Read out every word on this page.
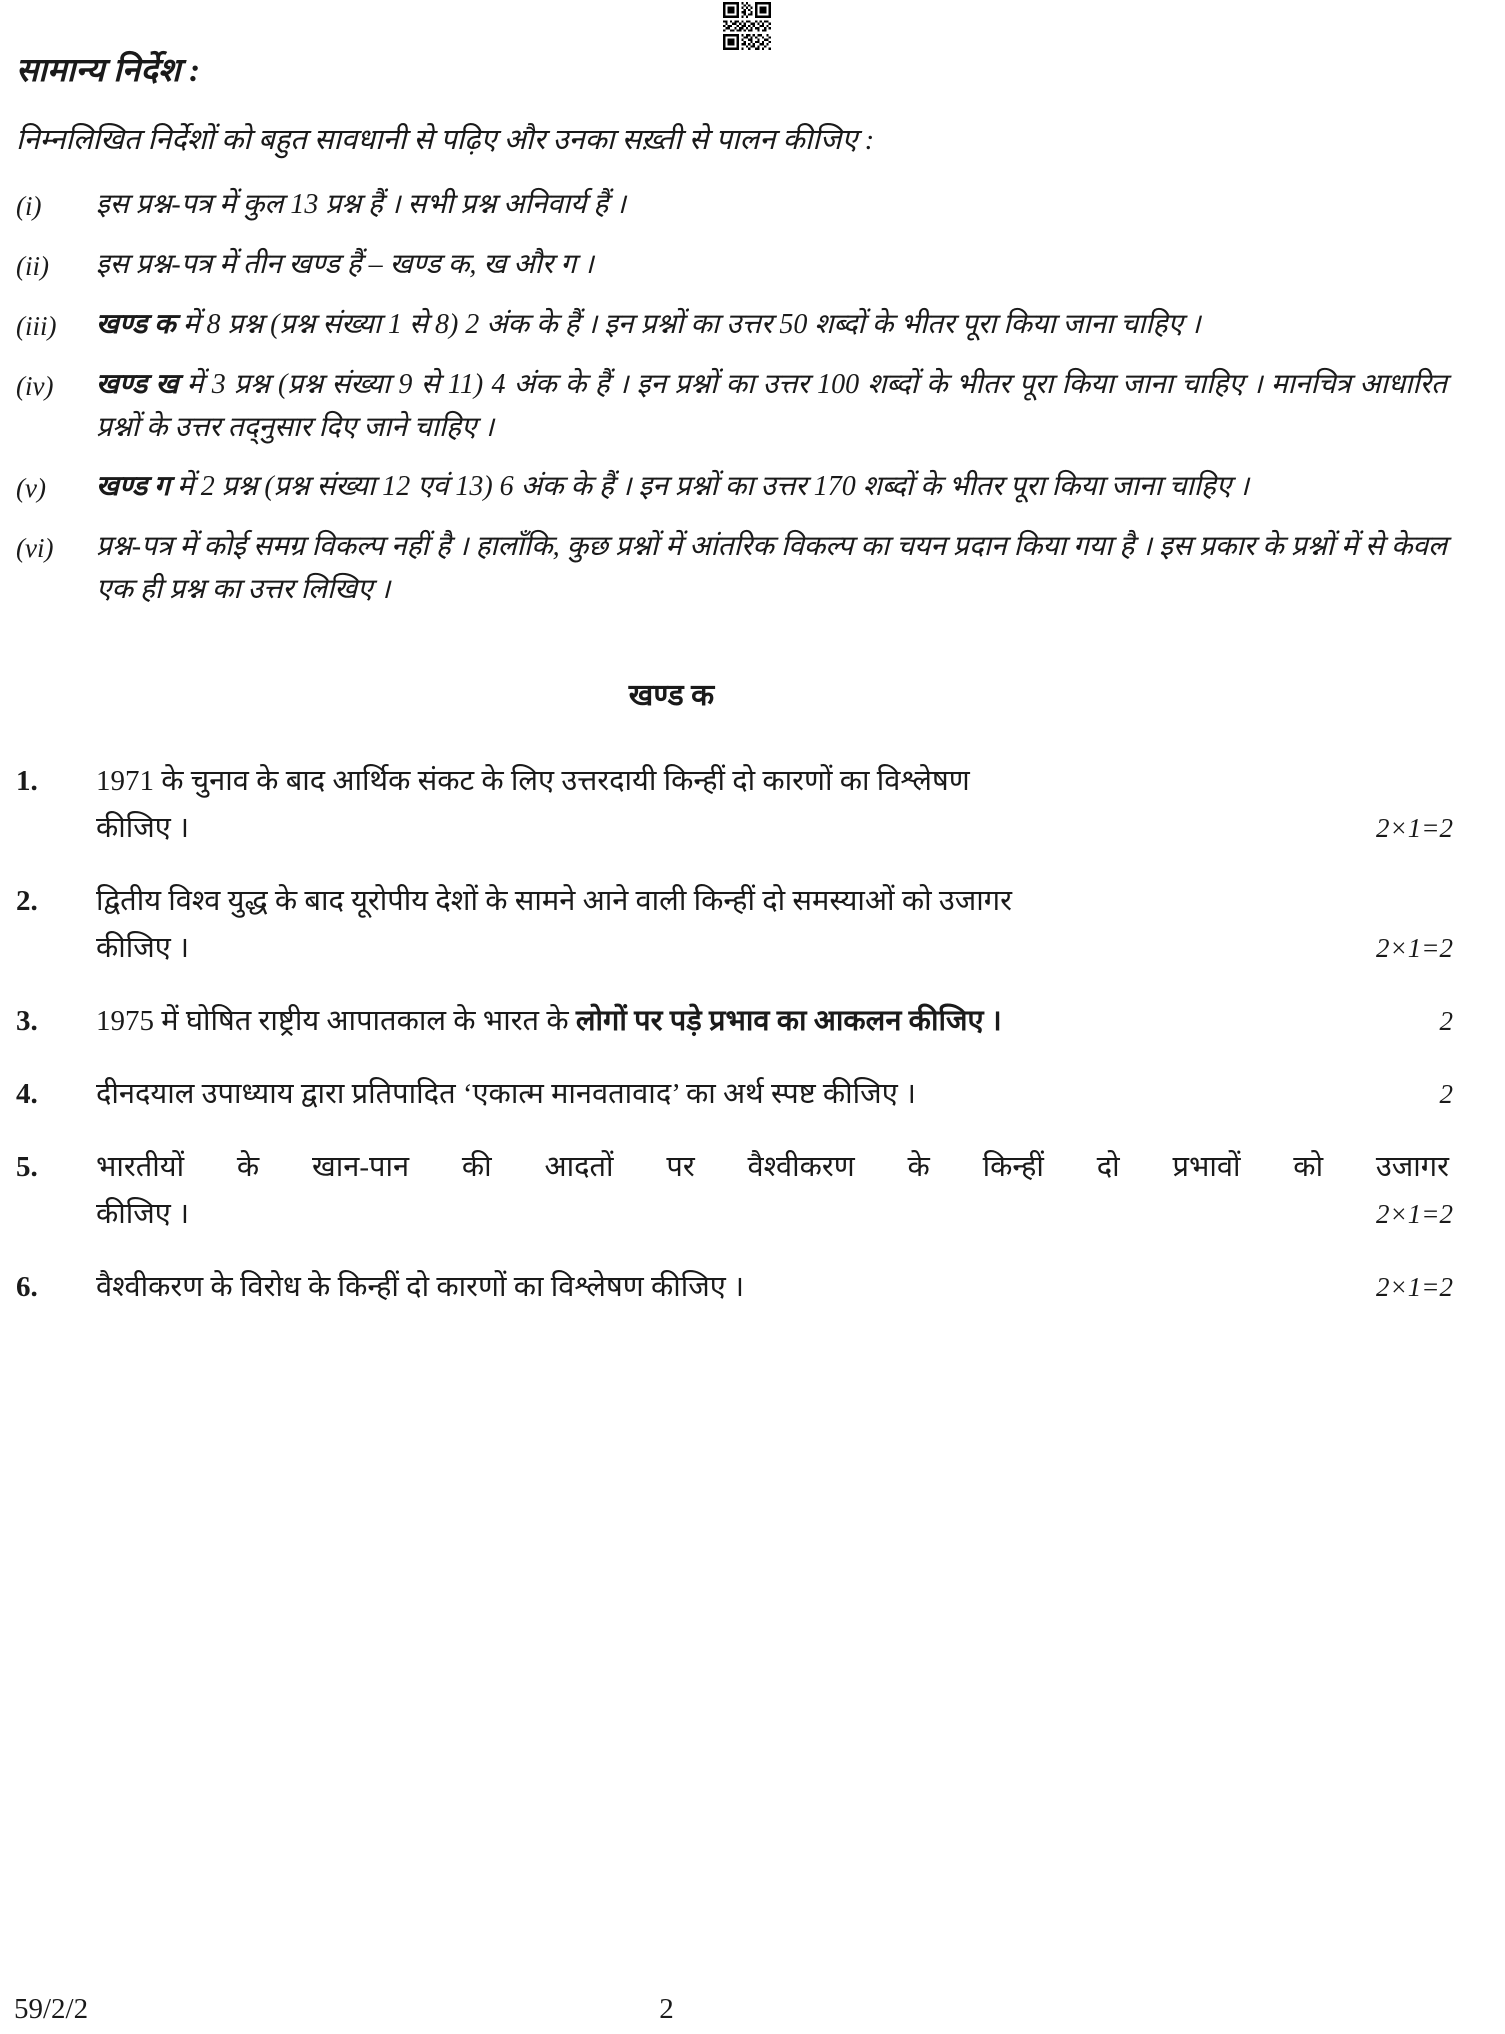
सामान्य निर्देश :
निम्नलिखित निर्देशों को बहुत सावधानी से पढ़िए और उनका सख़्ती से पालन कीजिए :
(i)	इस प्रश्न-पत्र में कुल 13 प्रश्न हैं । सभी प्रश्न अनिवार्य हैं ।
(ii)	इस प्रश्न-पत्र में तीन खण्ड हैं – खण्ड क, ख और ग ।
(iii)	खण्ड क में 8 प्रश्न (प्रश्न संख्या 1 से 8) 2 अंक के हैं । इन प्रश्नों का उत्तर 50 शब्दों के भीतर पूरा किया जाना चाहिए ।
(iv)	खण्ड ख में 3 प्रश्न (प्रश्न संख्या 9 से 11) 4 अंक के हैं । इन प्रश्नों का उत्तर 100 शब्दों के भीतर पूरा किया जाना चाहिए । मानचित्र आधारित प्रश्नों के उत्तर तद्नुसार दिए जाने चाहिए ।
(v)	खण्ड ग में 2 प्रश्न (प्रश्न संख्या 12 एवं 13) 6 अंक के हैं । इन प्रश्नों का उत्तर 170 शब्दों के भीतर पूरा किया जाना चाहिए ।
(vi)	प्रश्न-पत्र में कोई समग्र विकल्प नहीं है । हालाँकि, कुछ प्रश्नों में आंतरिक विकल्प का चयन प्रदान किया गया है । इस प्रकार के प्रश्नों में से केवल एक ही प्रश्न का उत्तर लिखिए ।
खण्ड क
1.	1971 के चुनाव के बाद आर्थिक संकट के लिए उत्तरदायी किन्हीं दो कारणों का विश्लेषण
कीजिए ।	2×1=2
2.	द्वितीय विश्व युद्ध के बाद यूरोपीय देशों के सामने आने वाली किन्हीं दो समस्याओं को उजागर
कीजिए ।	2×1=2
3.	1975 में घोषित राष्ट्रीय आपातकाल के भारत के लोगों पर पड़े प्रभाव का आकलन कीजिए ।	2
4.	दीनदयाल उपाध्याय द्वारा प्रतिपादित ‘एकात्म मानवतावाद’ का अर्थ स्पष्ट कीजिए ।	2
5.	भारतीयों के खान-पान की आदतों पर वैश्वीकरण के किन्हीं दो प्रभावों को उजागर
कीजिए ।	2×1=2
6.	वैश्वीकरण के विरोध के किन्हीं दो कारणों का विश्लेषण कीजिए ।	2×1=2
59/2/2	2
